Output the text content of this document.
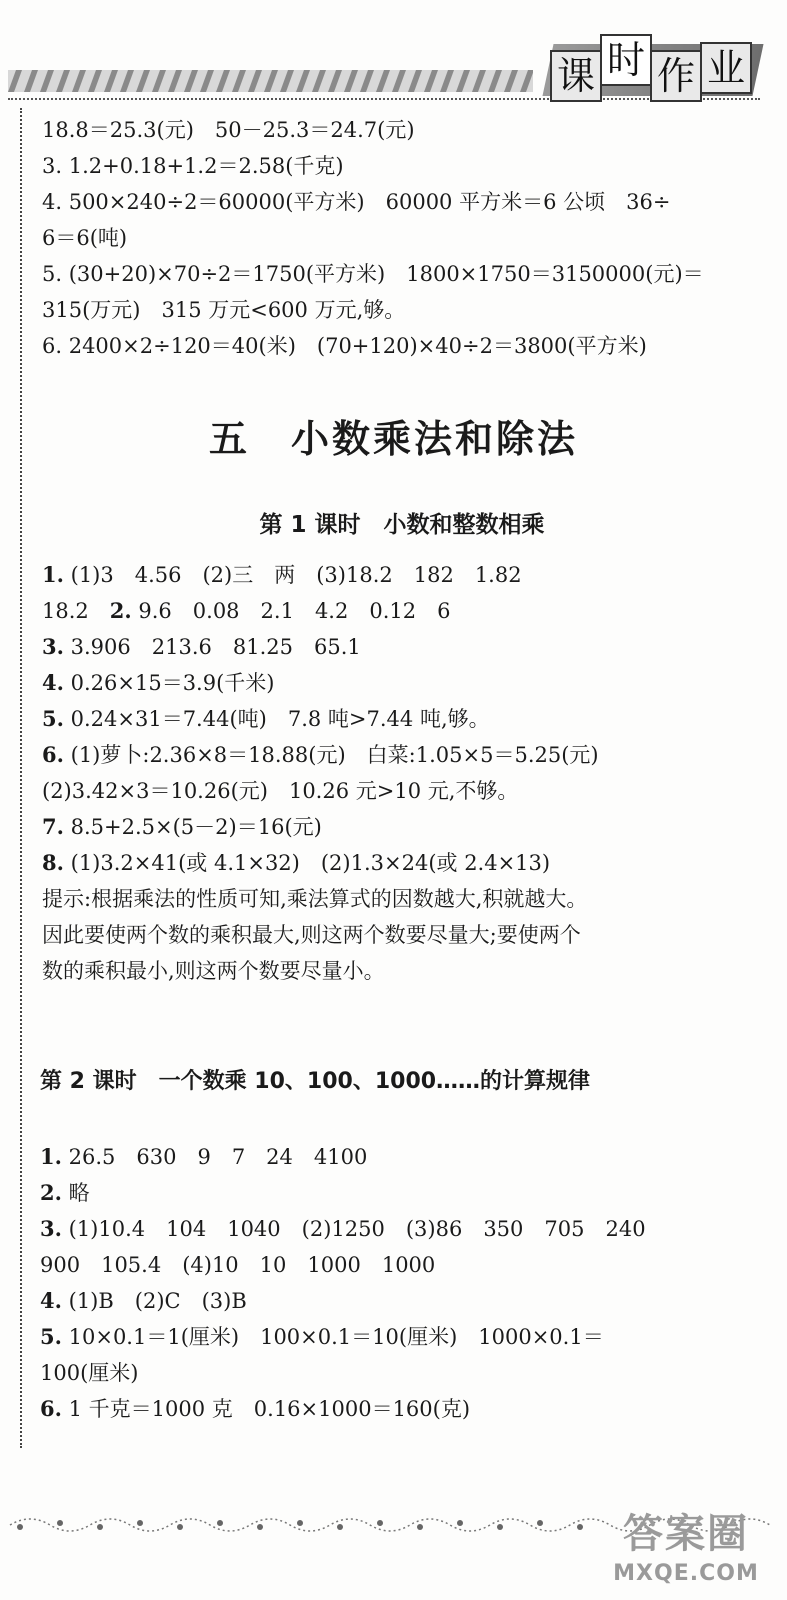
课 时 作 业
18.8＝25.3(元)　50－25.3＝24.7(元)
3. 1.2+0.18+1.2＝2.58(千克)
4. 500×240÷2＝60000(平方米)　60000 平方米＝6 公顷　36÷
6＝6(吨)
5. (30+20)×70÷2＝1750(平方米)　1800×1750＝3150000(元)＝
315(万元)　315 万元<600 万元,够。
6. 2400×2÷120＝40(米)　(70+120)×40÷2＝3800(平方米)
五　小数乘法和除法
第 1 课时　小数和整数相乘
1. (1)3　4.56　(2)三　两　(3)18.2　182　1.82
18.2　2. 9.6　0.08　2.1　4.2　0.12　6
3. 3.906　213.6　81.25　65.1
4. 0.26×15＝3.9(千米)
5. 0.24×31＝7.44(吨)　7.8 吨>7.44 吨,够。
6. (1)萝卜:2.36×8＝18.88(元)　白菜:1.05×5＝5.25(元)
(2)3.42×3＝10.26(元)　10.26 元>10 元,不够。
7. 8.5+2.5×(5－2)＝16(元)
8. (1)3.2×41(或 4.1×32)　(2)1.3×24(或 2.4×13)
提示:根据乘法的性质可知,乘法算式的因数越大,积就越大。
因此要使两个数的乘积最大,则这两个数要尽量大;要使两个
数的乘积最小,则这两个数要尽量小。
第 2 课时　一个数乘 10、100、1000……的计算规律
1. 26.5　630　9　7　24　4100
2. 略
3. (1)10.4　104　1040　(2)1250　(3)86　350　705　240
900　105.4　(4)10　10　1000　1000
4. (1)B　(2)C　(3)B
5. 10×0.1＝1(厘米)　100×0.1＝10(厘米)　1000×0.1＝
100(厘米)
6. 1 千克＝1000 克　0.16×1000＝160(克)
答案圈
MXQE.COM
